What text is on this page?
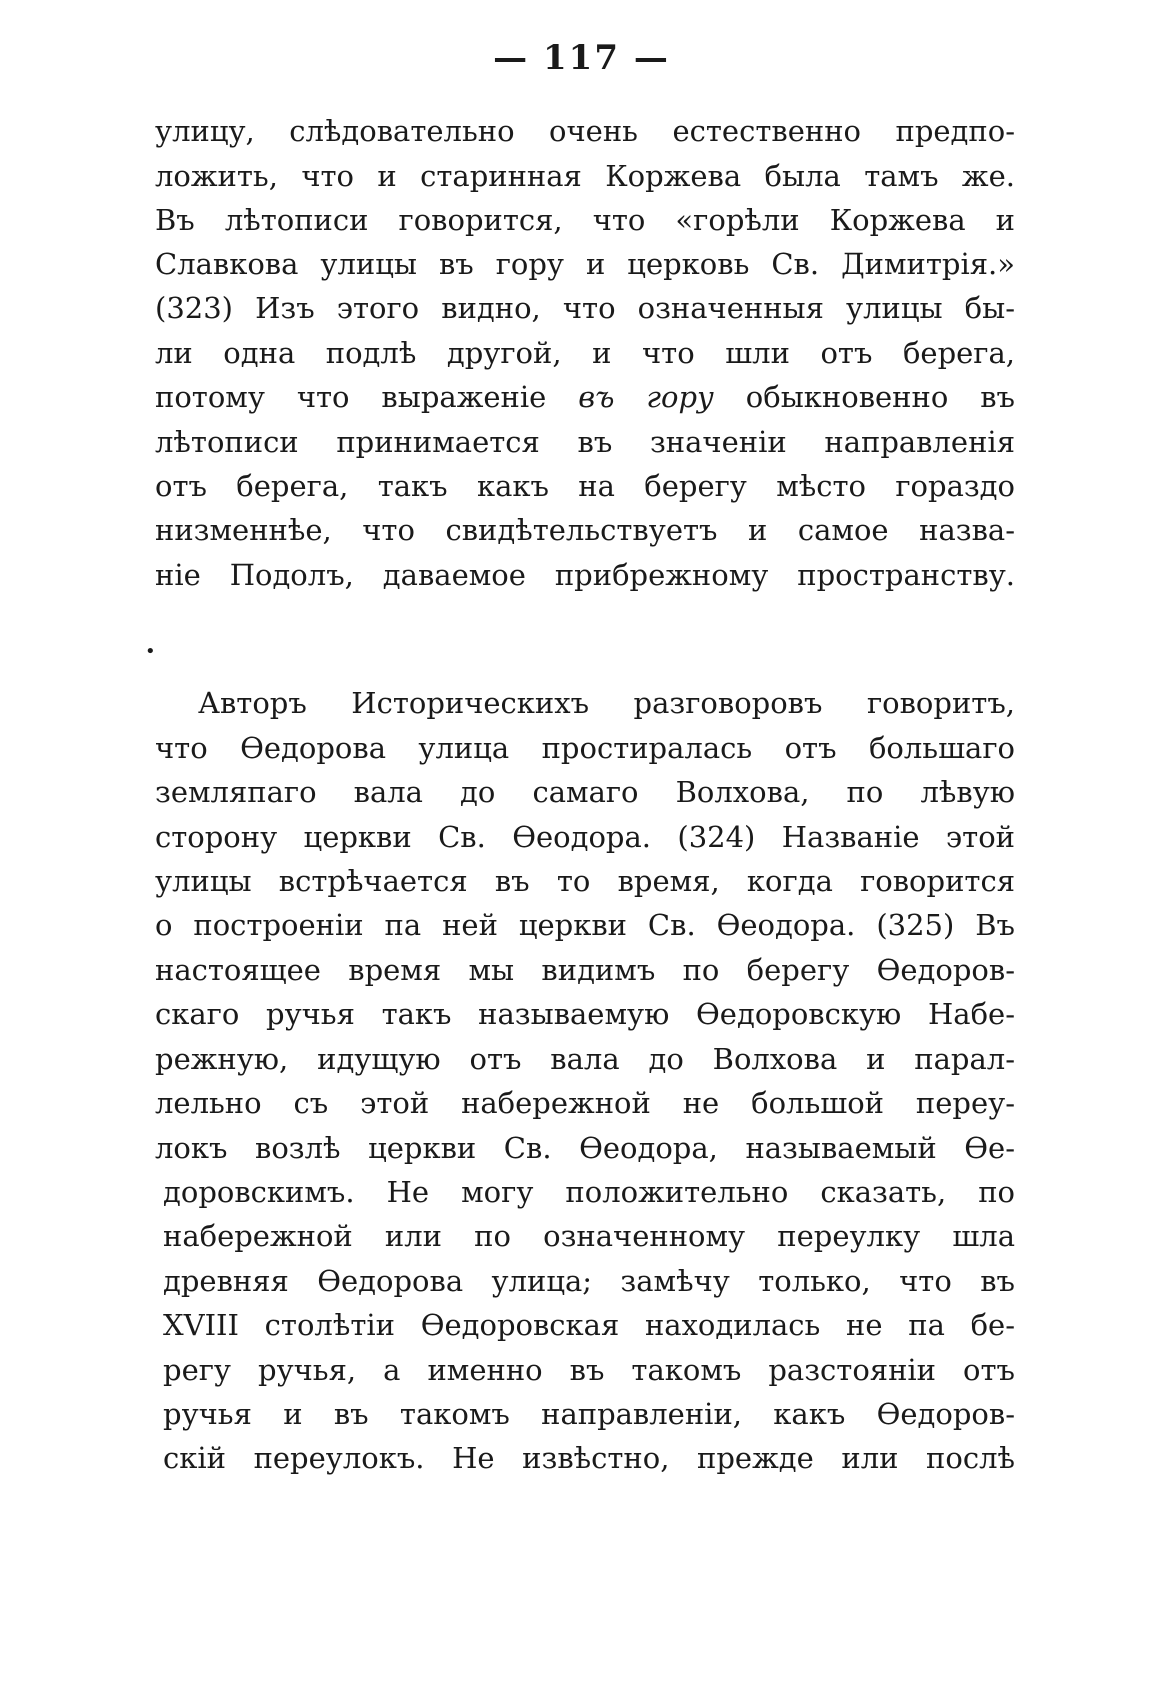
— 117 —
улицу, слѣдовательно очень естественно предпо-
ложить, что и старинная Коржева была тамъ же.
Въ лѣтописи говорится, что «горѣли Коржева и
Славкова улицы въ гору и церковь Св. Димитрія.»
(323) Изъ этого видно, что означенныя улицы бы-
ли одна подлѣ другой, и что шли отъ берега,
потому что выраженіе въ гору обыкновенно въ
лѣтописи принимается въ значеніи направленія
отъ берега, такъ какъ на берегу мѣсто гораздо
низменнѣе, что свидѣтельствуетъ и самое назва-
ніе Подолъ, даваемое прибрежному пространству.
•
Авторъ Историческихъ разговоровъ говоритъ,
что Өедорова улица простиралась отъ большаго
земляпаго вала до самаго Волхова, по лѣвую
сторону церкви Св. Өеодора. (324) Названіе этой
улицы встрѣчается въ то время, когда говорится
о построеніи па ней церкви Св. Өеодора. (325) Въ
настоящее время мы видимъ по берегу Өедоров-
скаго ручья такъ называемую Өедоровскую Набе-
режную, идущую отъ вала до Волхова и парал-
лельно съ этой набережной не большой переу-
локъ возлѣ церкви Св. Өеодора, называемый Өе-
доровскимъ. Не могу положительно сказать, по
набережной или по означенному переулку шла
древняя Өедорова улица; замѣчу только, что въ
XVIII столѣтіи Өедоровская находилась не па бе-
регу ручья, а именно въ такомъ разстояніи отъ
ручья и въ такомъ направленіи, какъ Өедоров-
скій переулокъ. Не извѣстно, прежде или послѣ
